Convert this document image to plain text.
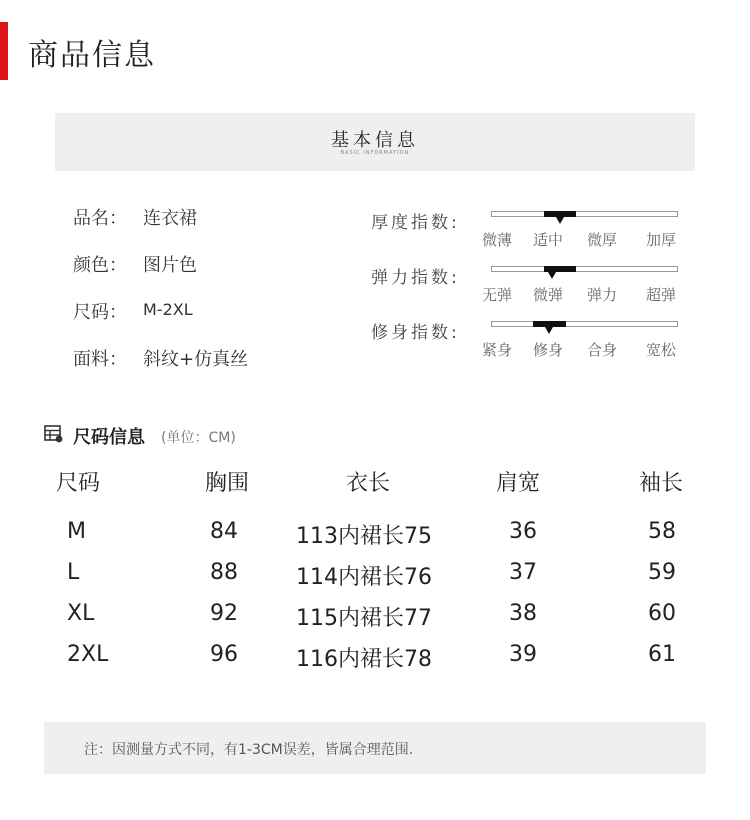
商品信息
基本信息
BASIC INFORMATION
品名： 连衣裙
颜色： 图片色
尺码： M-2XL
面料： 斜纹+仿真丝
厚度指数:
微薄 适中 微厚 加厚
弹力指数:
无弹 微弹 弹力 超弹
修身指数:
紧身 修身 合身 宽松
尺码信息 (单位：CM)
尺码	胸围	衣长	肩宽	袖长
M	84	113内裙长75	36	58
L	88	114内裙长76	37	59
XL	92	115内裙长77	38	60
2XL	96	116内裙长78	39	61
注：因测量方式不同，有1-3CM误差，皆属合理范围.
